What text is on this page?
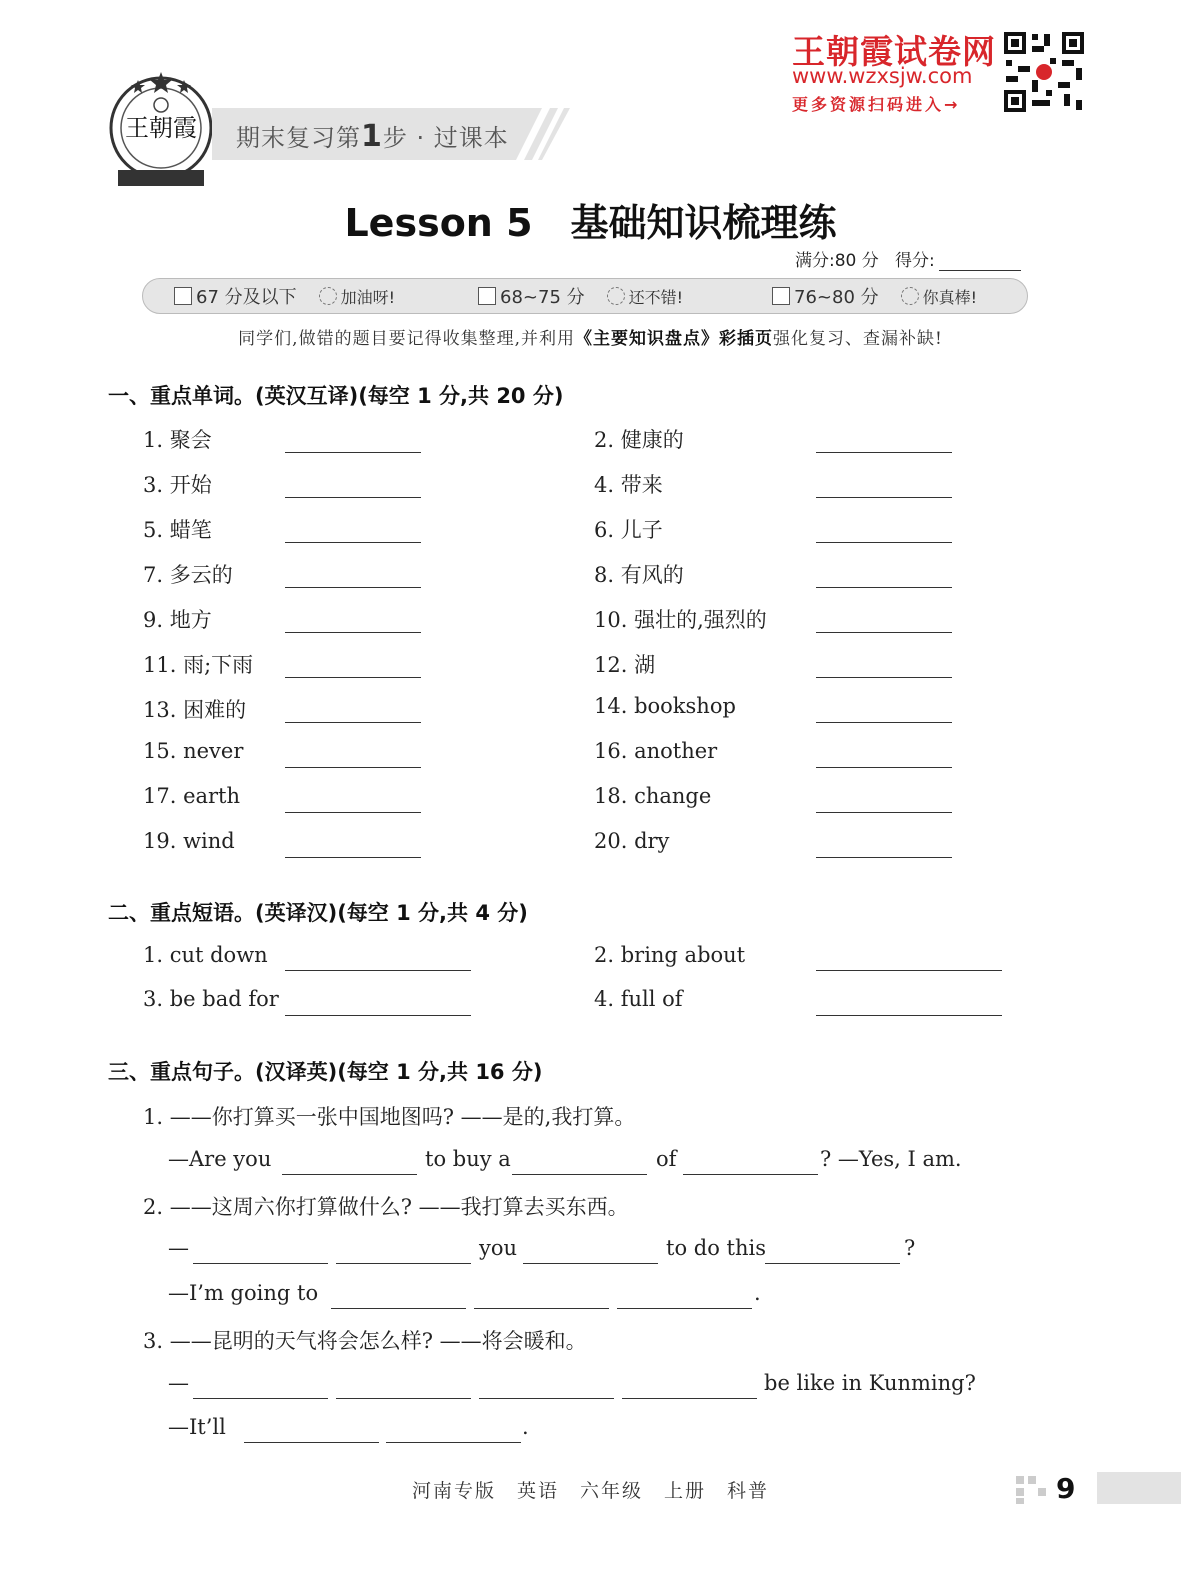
王朝霞 期末复习第1步 · 过课本
王朝霞试卷网
www.wzxsjw.com
更多资源扫码进入→
Lesson 5　基础知识梳理练
满分:80 分 得分:
67 分及以下	加油呀!	68~75 分	还不错!	76~80 分	你真棒!
同学们,做错的题目要记得收集整理,并利用《主要知识盘点》彩插页强化复习、查漏补缺!
一、重点单词。(英汉互译)(每空 1 分,共 20 分)
1. 聚会	2. 健康的
3. 开始	4. 带来
5. 蜡笔	6. 儿子
7. 多云的	8. 有风的
9. 地方	10. 强壮的,强烈的
11. 雨;下雨	12. 湖
13. 困难的	14. bookshop
15. never	16. another
17. earth	18. change
19. wind	20. dry
二、重点短语。(英译汉)(每空 1 分,共 4 分)
1. cut down	2. bring about
3. be bad for	4. full of
三、重点句子。(汉译英)(每空 1 分,共 16 分)
1. ——你打算买一张中国地图吗? ——是的,我打算。
—Are you	to buy a	of	? —Yes, I am.
2. ——这周六你打算做什么? ——我打算去买东西。
—	you	to do this	?
—I’m going to	.
3. ——昆明的天气将会怎么样? ——将会暖和。
—	be like in Kunming?
—It’ll	.
河南专版　英语　六年级　上册　科普	9
